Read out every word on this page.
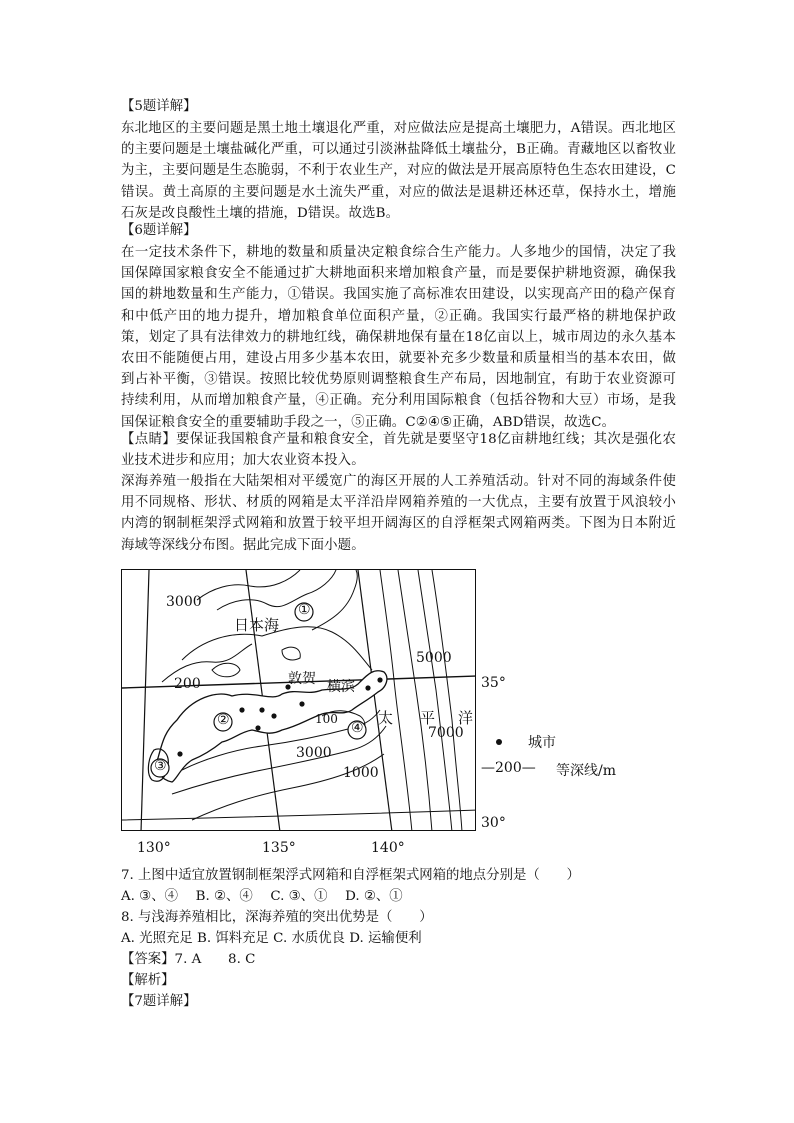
【5题详解】

东北地区的主要问题是黑土地土壤退化严重，对应做法应是提高土壤肥力，A错误。西北地区的主要问题是土壤盐碱化严重，可以通过引淡淋盐降低土壤盐分，B正确。青藏地区以畜牧业为主，主要问题是生态脆弱，不利于农业生产，对应的做法是开展高原特色生态农田建设，C错误。黄土高原的主要问题是水土流失严重，对应的做法是退耕还林还草，保持水土，增施石灰是改良酸性土壤的措施，D错误。故选B。

【6题详解】

在一定技术条件下，耕地的数量和质量决定粮食综合生产能力。人多地少的国情，决定了我国保障国家粮食安全不能通过扩大耕地面积来增加粮食产量，而是要保护耕地资源，确保我国的耕地数量和生产能力，①错误。我国实施了高标准农田建设，以实现高产田的稳产保育和中低产田的地力提升，增加粮食单位面积产量，②正确。我国实行最严格的耕地保护政策，划定了具有法律效力的耕地红线，确保耕地保有量在18亿亩以上，城市周边的永久基本农田不能随便占用，建设占用多少基本农田，就要补充多少数量和质量相当的基本农田，做到占补平衡，③错误。按照比较优势原则调整粮食生产布局，因地制宜，有助于农业资源可持续利用，从而增加粮食产量，④正确。充分利用国际粮食（包括谷物和大豆）市场，是我国保证粮食安全的重要辅助手段之一，⑤正确。C②④⑤正确，ABD错误，故选C。

【点睛】要保证我国粮食产量和粮食安全，首先就是要坚守18亿亩耕地红线；其次是强化农业技术进步和应用；加大农业资本投入。

深海养殖一般指在大陆架相对平缓宽广的海区开展的人工养殖活动。针对不同的海域条件使用不同规格、形状、材质的网箱是太平洋沿岸网箱养殖的一大优点，主要有放置于风浪较小内湾的钢制框架浮式网箱和放置于较平坦开阔海区的自浮框架式网箱两类。下图为日本附近海域等深线分布图。据此完成下面小题。

3000
日本海
①
200	敦贺 横滨
5000
②	100	太 平 洋
④	7000
3000
③	1000
35°
30°
130°	135°	140°
城市
—200— 等深线/m
7. 上图中适宜放置钢制框架浮式网箱和自浮框架式网箱的地点分别是（　　）
A. ③、④　 B. ②、④　 C. ③、①　 D. ②、①
8. 与浅海养殖相比，深海养殖的突出优势是（　　）
A. 光照充足 B. 饵料充足 C. 水质优良 D. 运输便利
【答案】7. A　　8. C
【解析】
【7题详解】
